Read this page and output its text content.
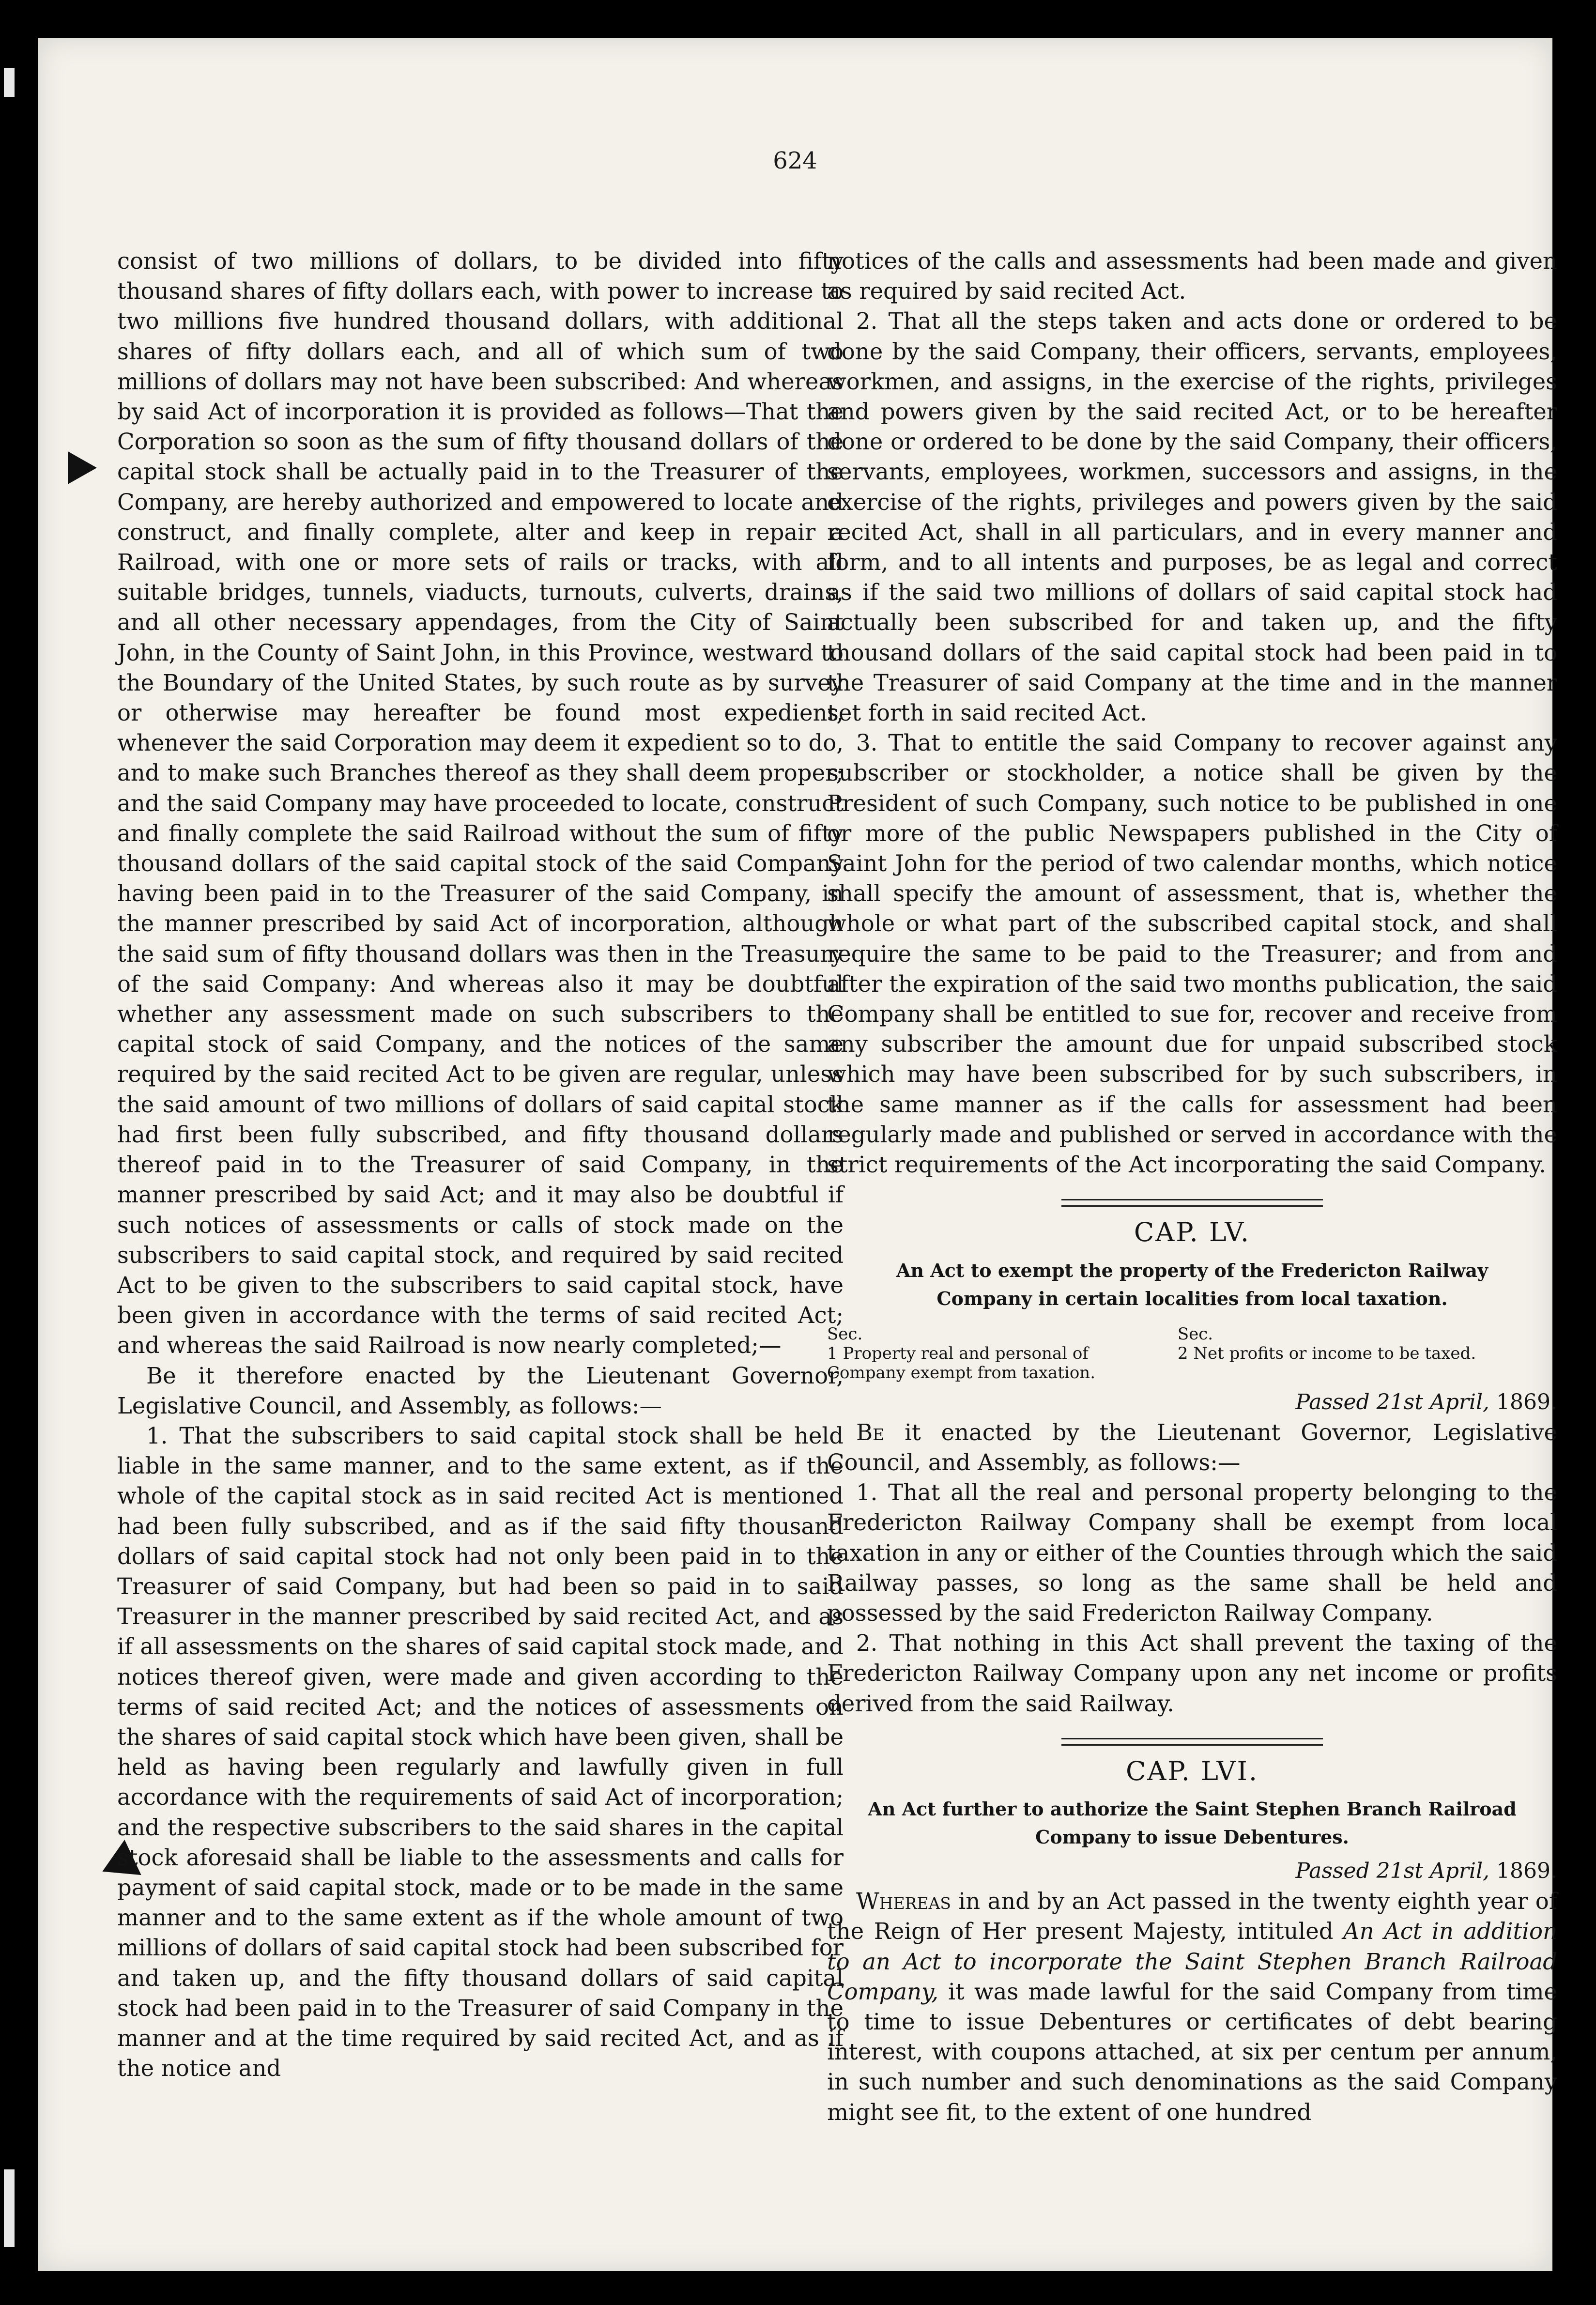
624

consist of two millions of dollars, to be divided into fifty thousand shares of fifty dollars each, with power to increase to two millions five hundred thousand dollars, with additional shares of fifty dollars each, and all of which sum of two millions of dollars may not have been subscribed: And whereas by said Act of incorporation it is provided as follows—That the Corporation so soon as the sum of fifty thousand dollars of the capital stock shall be actually paid in to the Treasurer of the Company, are hereby authorized and empowered to locate and construct, and finally complete, alter and keep in repair a Railroad, with one or more sets of rails or tracks, with all suitable bridges, tunnels, viaducts, turnouts, culverts, drains, and all other necessary appendages, from the City of Saint John, in the County of Saint John, in this Province, westward to the Boundary of the United States, by such route as by survey or otherwise may hereafter be found most expedient, whenever the said Corporation may deem it expedient so to do, and to make such Branches thereof as they shall deem proper; and the said Company may have proceeded to locate, construct and finally complete the said Railroad without the sum of fifty thousand dollars of the said capital stock of the said Company having been paid in to the Treasurer of the said Company, in the manner prescribed by said Act of incorporation, although the said sum of fifty thousand dollars was then in the Treasury of the said Company: And whereas also it may be doubtful whether any assessment made on such subscribers to the capital stock of said Company, and the notices of the same required by the said recited Act to be given are regular, unless the said amount of two millions of dollars of said capital stock had first been fully subscribed, and fifty thousand dollars thereof paid in to the Treasurer of said Company, in the manner prescribed by said Act; and it may also be doubtful if such notices of assessments or calls of stock made on the subscribers to said capital stock, and required by said recited Act to be given to the subscribers to said capital stock, have been given in accordance with the terms of said recited Act; and whereas the said Railroad is now nearly completed;—

Be it therefore enacted by the Lieutenant Governor, Legislative Council, and Assembly, as follows:—

1. That the subscribers to said capital stock shall be held liable in the same manner, and to the same extent, as if the whole of the capital stock as in said recited Act is mentioned had been fully subscribed, and as if the said fifty thousand dollars of said capital stock had not only been paid in to the Treasurer of said Company, but had been so paid in to said Treasurer in the manner prescribed by said recited Act, and as if all assessments on the shares of said capital stock made, and notices thereof given, were made and given according to the terms of said recited Act; and the notices of assessments on the shares of said capital stock which have been given, shall be held as having been regularly and lawfully given in full accordance with the requirements of said Act of incorporation; and the respective subscribers to the said shares in the capital stock aforesaid shall be liable to the assessments and calls for payment of said capital stock, made or to be made in the same manner and to the same extent as if the whole amount of two millions of dollars of said capital stock had been subscribed for and taken up, and the fifty thousand dollars of said capital stock had been paid in to the Treasurer of said Company in the manner and at the time required by said recited Act, and as if the notice and

notices of the calls and assessments had been made and given as required by said recited Act.

2. That all the steps taken and acts done or ordered to be done by the said Company, their officers, servants, employees, workmen, and assigns, in the exercise of the rights, privileges and powers given by the said recited Act, or to be hereafter done or ordered to be done by the said Company, their officers, servants, employees, workmen, successors and assigns, in the exercise of the rights, privileges and powers given by the said recited Act, shall in all particulars, and in every manner and form, and to all intents and purposes, be as legal and correct as if the said two millions of dollars of said capital stock had actually been subscribed for and taken up, and the fifty thousand dollars of the said capital stock had been paid in to the Treasurer of said Company at the time and in the manner set forth in said recited Act.

3. That to entitle the said Company to recover against any subscriber or stockholder, a notice shall be given by the President of such Company, such notice to be published in one or more of the public Newspapers published in the City of Saint John for the period of two calendar months, which notice shall specify the amount of assessment, that is, whether the whole or what part of the subscribed capital stock, and shall require the same to be paid to the Treasurer; and from and after the expiration of the said two months publication, the said Company shall be entitled to sue for, recover and receive from any subscriber the amount due for unpaid subscribed stock which may have been subscribed for by such subscribers, in the same manner as if the calls for assessment had been regularly made and published or served in accordance with the strict requirements of the Act incorporating the said Company.

CAP. LV.
An Act to exempt the property of the Fredericton Railway Company in certain localities from local taxation.
Sec.
1 Property real and personal of Company exempt from taxation.
Sec.
2 Net profits or income to be taxed.
Passed 21st April, 1869.

Be it enacted by the Lieutenant Governor, Legislative Council, and Assembly, as follows:—

1. That all the real and personal property belonging to the Fredericton Railway Company shall be exempt from local taxation in any or either of the Counties through which the said Railway passes, so long as the same shall be held and possessed by the said Fredericton Railway Company.

2. That nothing in this Act shall prevent the taxing of the Fredericton Railway Company upon any net income or profits derived from the said Railway.

CAP. LVI.
An Act further to authorize the Saint Stephen Branch Railroad Company to issue Debentures.
Passed 21st April, 1869.

Whereas in and by an Act passed in the twenty eighth year of the Reign of Her present Majesty, intituled An Act in addition to an Act to incorporate the Saint Stephen Branch Railroad Company, it was made lawful for the said Company from time to time to issue Debentures or certificates of debt bearing interest, with coupons attached, at six per centum per annum, in such number and such denominations as the said Company might see fit, to the extent of one hundred
